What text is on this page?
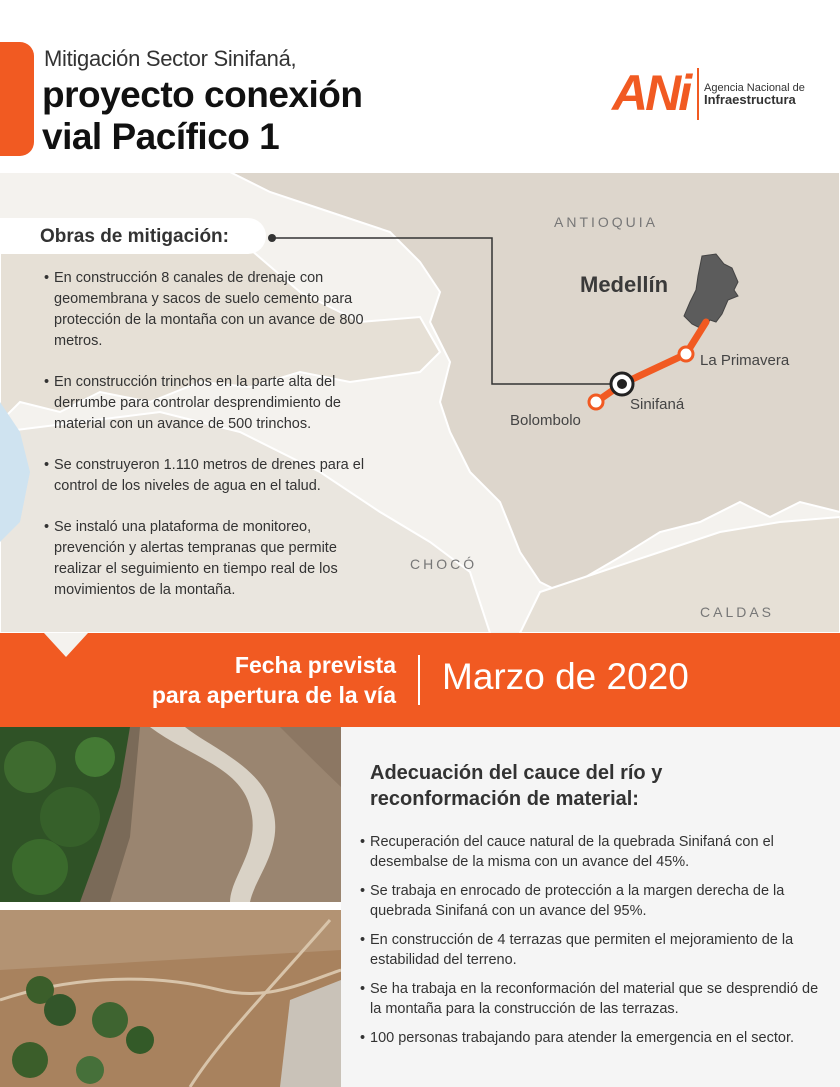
Mitigación Sector Sinifaná,
proyecto conexión
vial Pacífico 1
ANi Agencia Nacional de
Infraestructura
ANTIOQUIA
CHOCÓ
CALDAS
Medellín
La Primavera
Sinifaná
Bolombolo
Obras de mitigación:
• En construcción 8 canales de drenaje con geomembrana y sacos de suelo cemento para protección de la montaña con un avance de 800 metros.
• En construcción trinchos en la parte alta del derrumbe para controlar desprendimiento de material con un avance de 500 trinchos.
• Se construyeron 1.110 metros de drenes para el control de los niveles de agua en el talud.
• Se instaló una plataforma de monitoreo, prevención y alertas tempranas que permite realizar el seguimiento en tiempo real de los movimientos de la montaña.
Fecha prevista
para apertura de la vía Marzo de 2020
Adecuación del cauce del río y
reconformación de material:
• Recuperación del cauce natural de la quebrada Sinifaná con el desembalse de la misma con un avance del 45%.
• Se trabaja en enrocado de protección a la margen derecha de la quebrada Sinifaná con un avance del 95%.
• En construcción de 4 terrazas que permiten el mejoramiento de la estabilidad del terreno.
• Se ha trabaja en la reconformación del material que se desprendió de la montaña para la construcción de las terrazas.
• 100 personas trabajando para atender la emergencia en el sector.
